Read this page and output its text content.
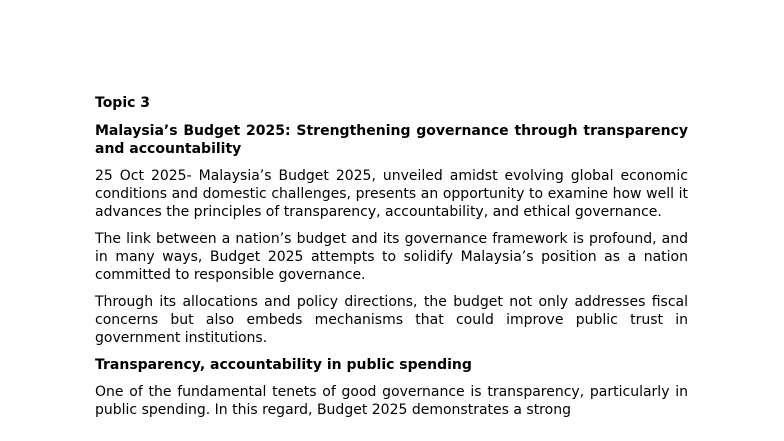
Topic 3
Malaysia’s Budget 2025: Strengthening governance through transparency and accountability
25 Oct 2025- Malaysia’s Budget 2025, unveiled amidst evolving global economic conditions and domestic challenges, presents an opportunity to examine how well it advances the principles of transparency, accountability, and ethical governance.
The link between a nation’s budget and its governance framework is profound, and in many ways, Budget 2025 attempts to solidify Malaysia’s position as a nation committed to responsible governance.
Through its allocations and policy directions, the budget not only addresses fiscal concerns but also embeds mechanisms that could improve public trust in government institutions.
Transparency, accountability in public spending
One of the fundamental tenets of good governance is transparency, particularly in public spending. In this regard, Budget 2025 demonstrates a strong
